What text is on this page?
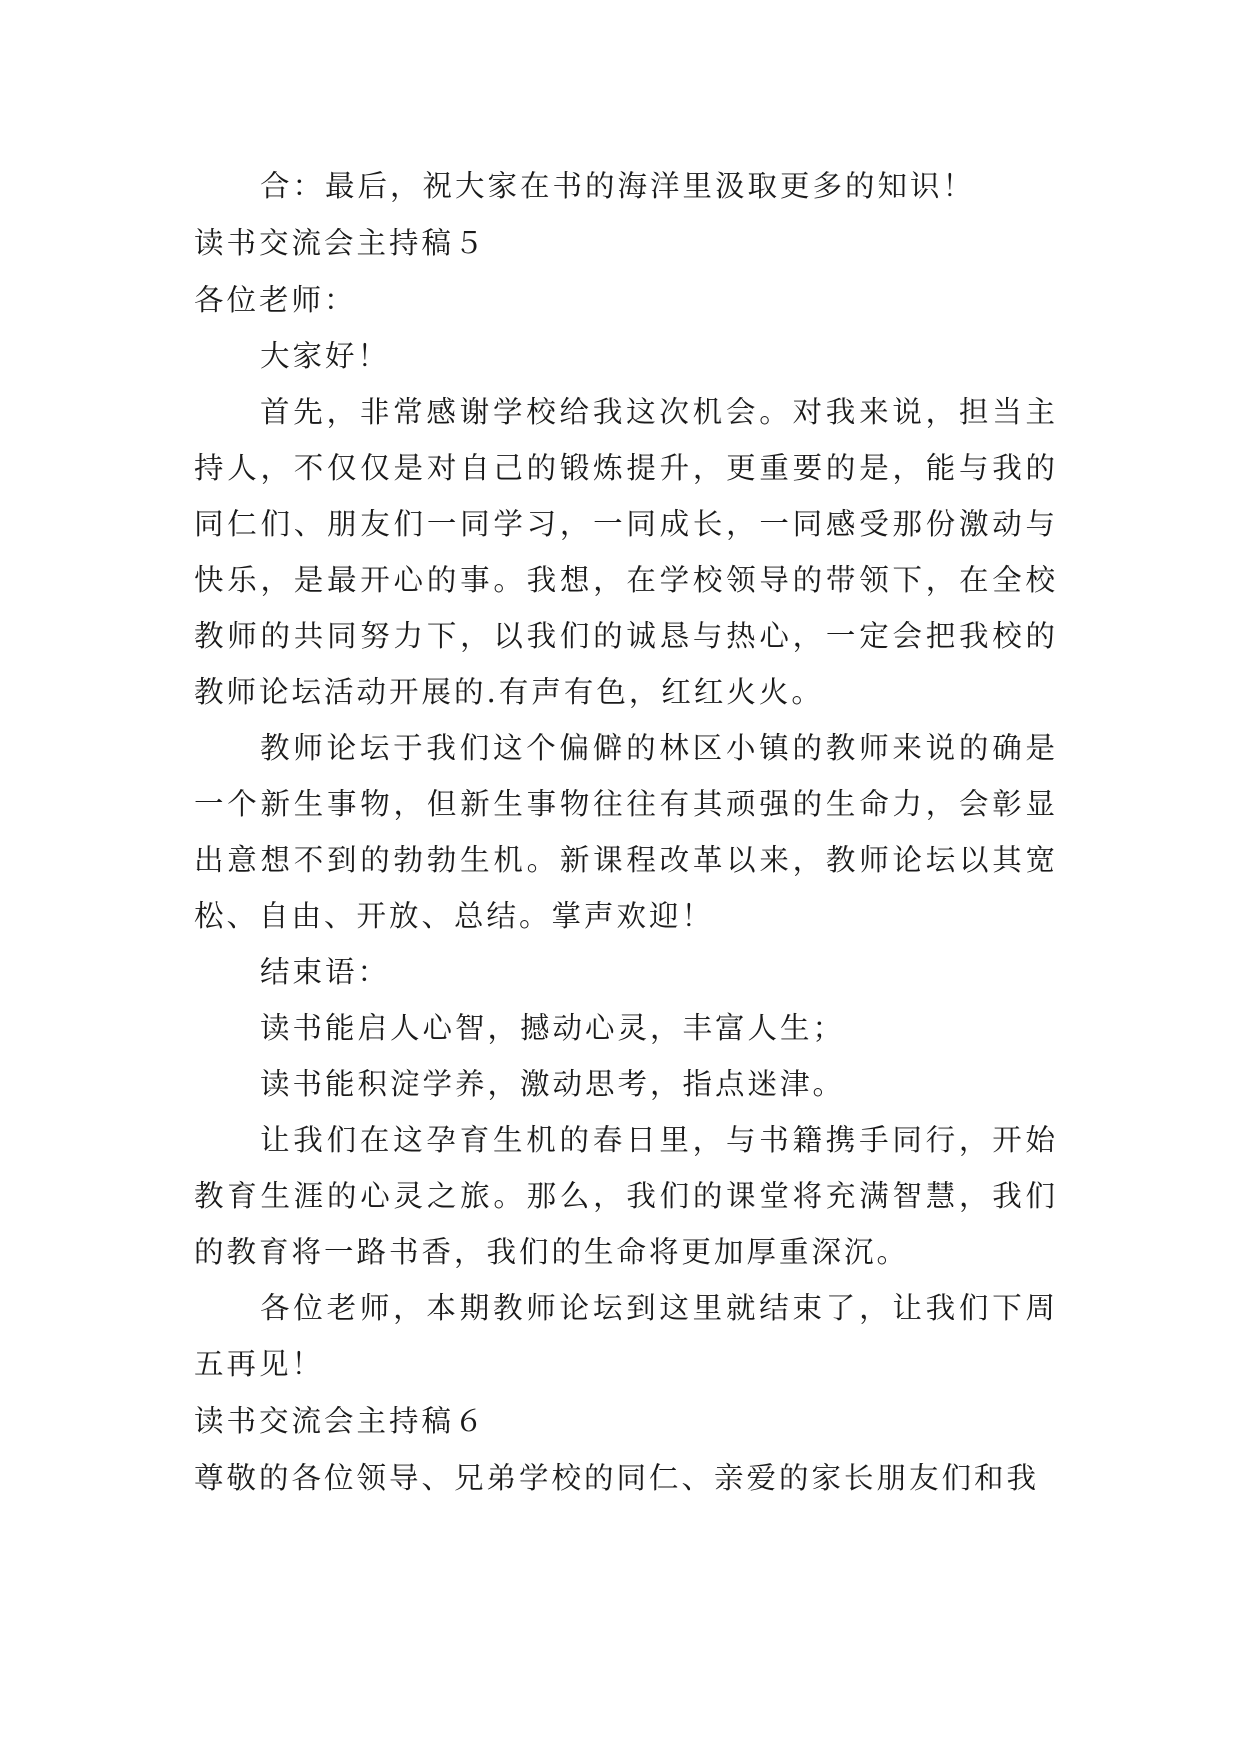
合：最后，祝大家在书的海洋里汲取更多的知识！

读书交流会主持稿５

各位老师：

大家好！

首先，非常感谢学校给我这次机会。对我来说，担当主持人，不仅仅是对自己的锻炼提升，更重要的是，能与我的同仁们、朋友们一同学习，一同成长，一同感受那份激动与快乐，是最开心的事。我想，在学校领导的带领下，在全校教师的共同努力下，以我们的诚恳与热心，一定会把我校的教师论坛活动开展的.有声有色，红红火火。

教师论坛于我们这个偏僻的林区小镇的教师来说的确是一个新生事物，但新生事物往往有其顽强的生命力，会彰显出意想不到的勃勃生机。新课程改革以来，教师论坛以其宽松、自由、开放、总结。掌声欢迎！

结束语：

读书能启人心智，撼动心灵，丰富人生；

读书能积淀学养，激动思考，指点迷津。

让我们在这孕育生机的春日里，与书籍携手同行，开始教育生涯的心灵之旅。那么，我们的课堂将充满智慧，我们的教育将一路书香，我们的生命将更加厚重深沉。

各位老师，本期教师论坛到这里就结束了，让我们下周五再见！

读书交流会主持稿６

尊敬的各位领导、兄弟学校的同仁、亲爱的家长朋友们和我
